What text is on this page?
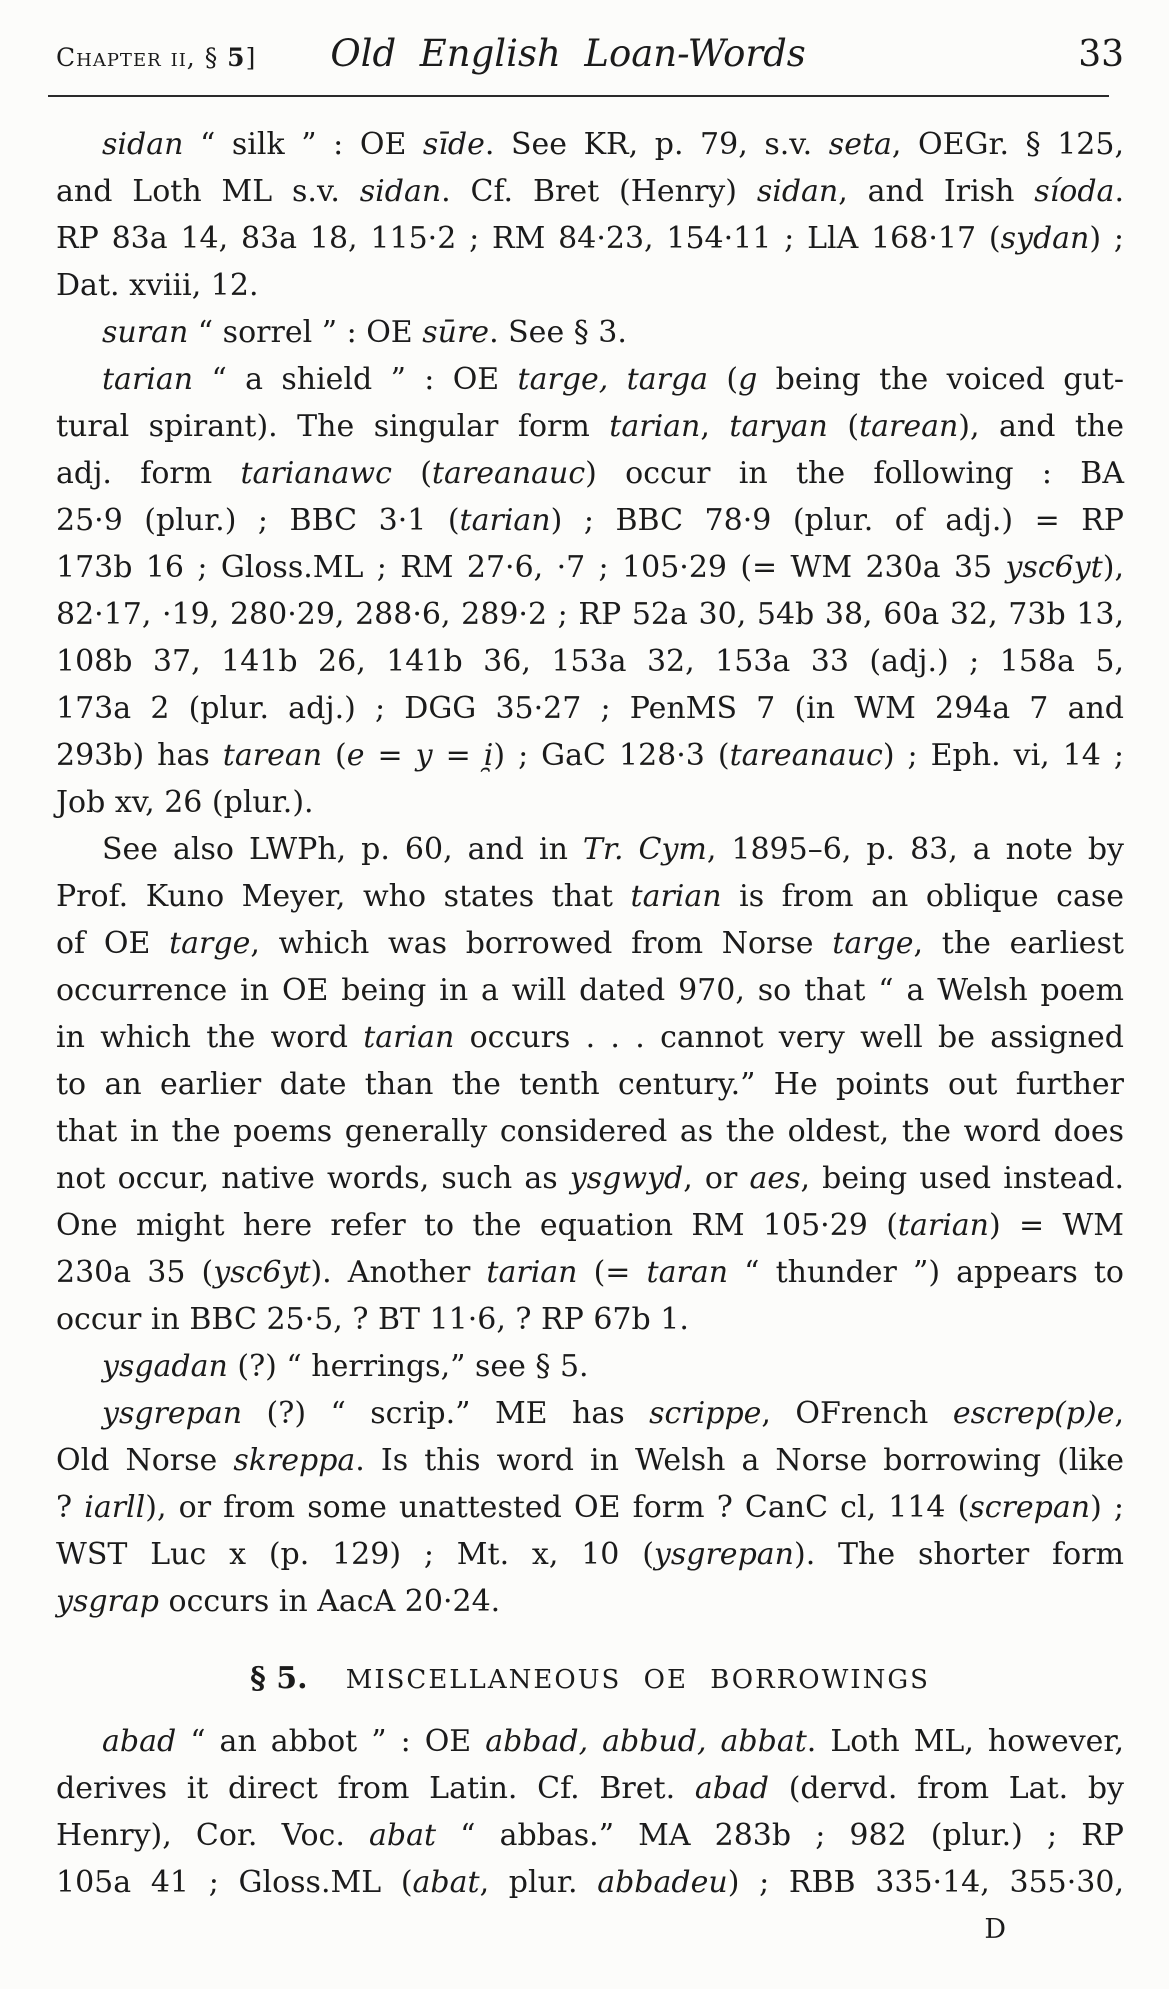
Chapter ii, § 5] Old English Loan-Words	33

sidan “ silk ” : OE sīde. See KR, p. 79, s.v. seta, OEGr. § 125,
and Loth ML s.v. sidan. Cf. Bret (Henry) sidan, and Irish síoda.
RP 83a 14, 83a 18, 115·2 ; RM 84·23, 154·11 ; LlA 168·17 (sydan) ;
Dat. xviii, 12.

suran “ sorrel ” : OE sūre. See § 3.

tarian “ a shield ” : OE targe, targa (g being the voiced gut-
tural spirant). The singular form tarian, taryan (tarean), and the
adj. form tarianawc (tareanauc) occur in the following : BA
25·9 (plur.) ; BBC 3·1 (tarian) ; BBC 78·9 (plur. of adj.) = RP
173b 16 ; Gloss.ML ; RM 27·6, ·7 ; 105·29 (= WM 230a 35 ysc6yt),
82·17, ·19, 280·29, 288·6, 289·2 ; RP 52a 30, 54b 38, 60a 32, 73b 13,
108b 37, 141b 26, 141b 36, 153a 32, 153a 33 (adj.) ; 158a 5,
173a 2 (plur. adj.) ; DGG 35·27 ; PenMS 7 (in WM 294a 7 and
293b) has tarean (e = y = i̯) ; GaC 128·3 (tareanauc) ; Eph. vi, 14 ;
Job xv, 26 (plur.).

See also LWPh, p. 60, and in Tr. Cym, 1895–6, p. 83, a note by
Prof. Kuno Meyer, who states that tarian is from an oblique case
of OE targe, which was borrowed from Norse targe, the earliest
occurrence in OE being in a will dated 970, so that “ a Welsh poem
in which the word tarian occurs . . . cannot very well be assigned
to an earlier date than the tenth century.” He points out further
that in the poems generally considered as the oldest, the word does
not occur, native words, such as ysgwyd, or aes, being used instead.
One might here refer to the equation RM 105·29 (tarian) = WM
230a 35 (ysc6yt). Another tarian (= taran “ thunder ”) appears to
occur in BBC 25·5, ? BT 11·6, ? RP 67b 1.

ysgadan (?) “ herrings,” see § 5.

ysgrepan (?) “ scrip.” ME has scrippe, OFrench escrep(p)e,
Old Norse skreppa. Is this word in Welsh a Norse borrowing (like
? iarll), or from some unattested OE form ? CanC cl, 114 (screpan) ;
WST Luc x (p. 129) ; Mt. x, 10 (ysgrepan). The shorter form
ysgrap occurs in AacA 20·24.

§ 5. MISCELLANEOUS OE BORROWINGS

abad “ an abbot ” : OE abbad, abbud, abbat. Loth ML, however,
derives it direct from Latin. Cf. Bret. abad (dervd. from Lat. by
Henry), Cor. Voc. abat “ abbas.” MA 283b ; 982 (plur.) ; RP
105a 41 ; Gloss.ML (abat, plur. abbadeu) ; RBB 335·14, 355·30,

D
